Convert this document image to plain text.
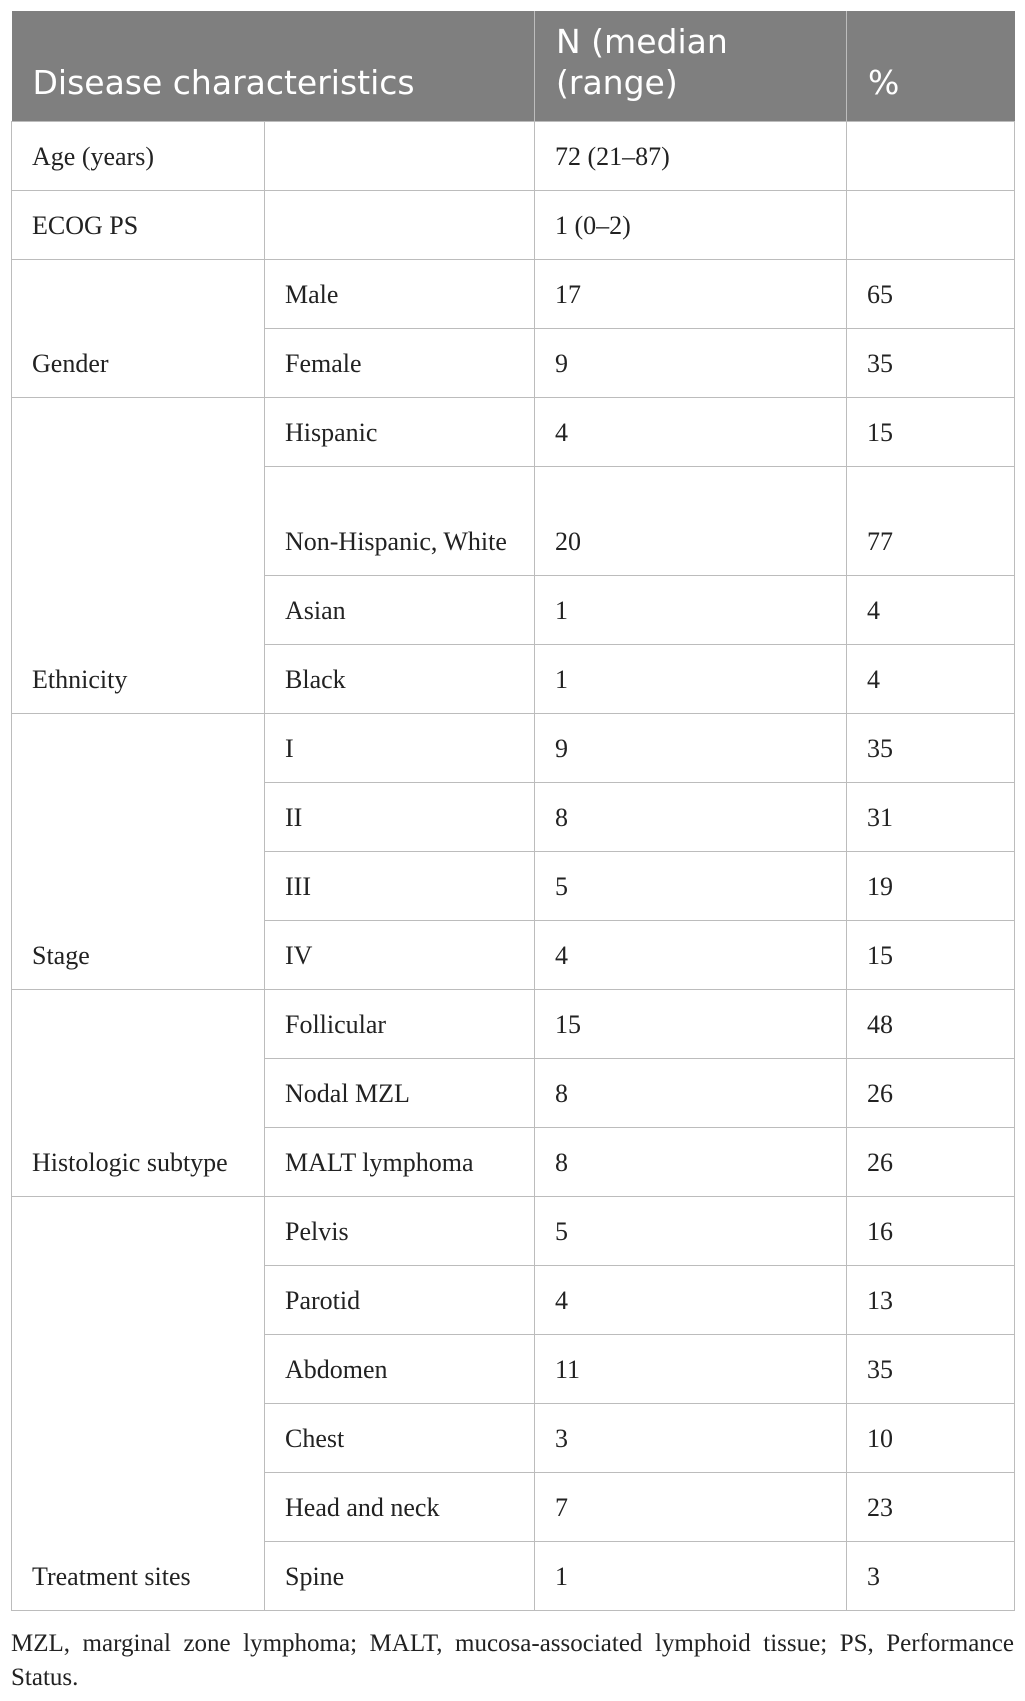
Disease characteristics		N (median (range)	%
Age (years)		72 (21–87)	
ECOG PS		1 (0–2)	
Gender	Male	17	65
	Female	9	35
Ethnicity	Hispanic	4	15
	Non-Hispanic, White	20	77
	Asian	1	4
	Black	1	4
Stage	I	9	35
	II	8	31
	III	5	19
	IV	4	15
Histologic subtype	Follicular	15	48
	Nodal MZL	8	26
	MALT lymphoma	8	26
Treatment sites	Pelvis	5	16
	Parotid	4	13
	Abdomen	11	35
	Chest	3	10
	Head and neck	7	23
	Spine	1	3
MZL, marginal zone lymphoma; MALT, mucosa-associated lymphoid tissue; PS, Performance Status.
